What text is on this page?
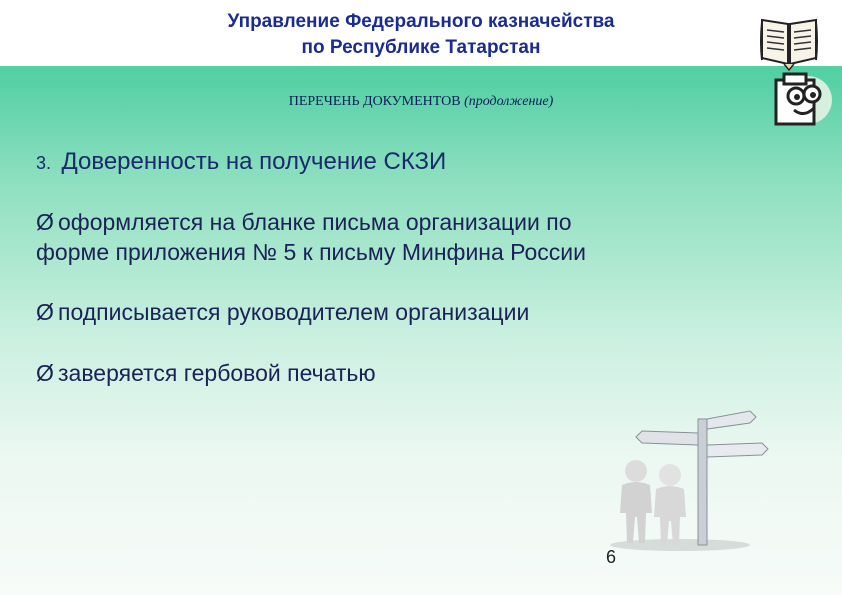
Управление Федерального казначейства
по Республике Татарстан
ПЕРЕЧЕНЬ ДОКУМЕНТОВ (продолжение)
3. Доверенность на получение СКЗИ
Ø оформляется на бланке письма организации по
форме приложения № 5 к письму Минфина России
Ø подписывается руководителем организации
Ø заверяется гербовой печатью
6
